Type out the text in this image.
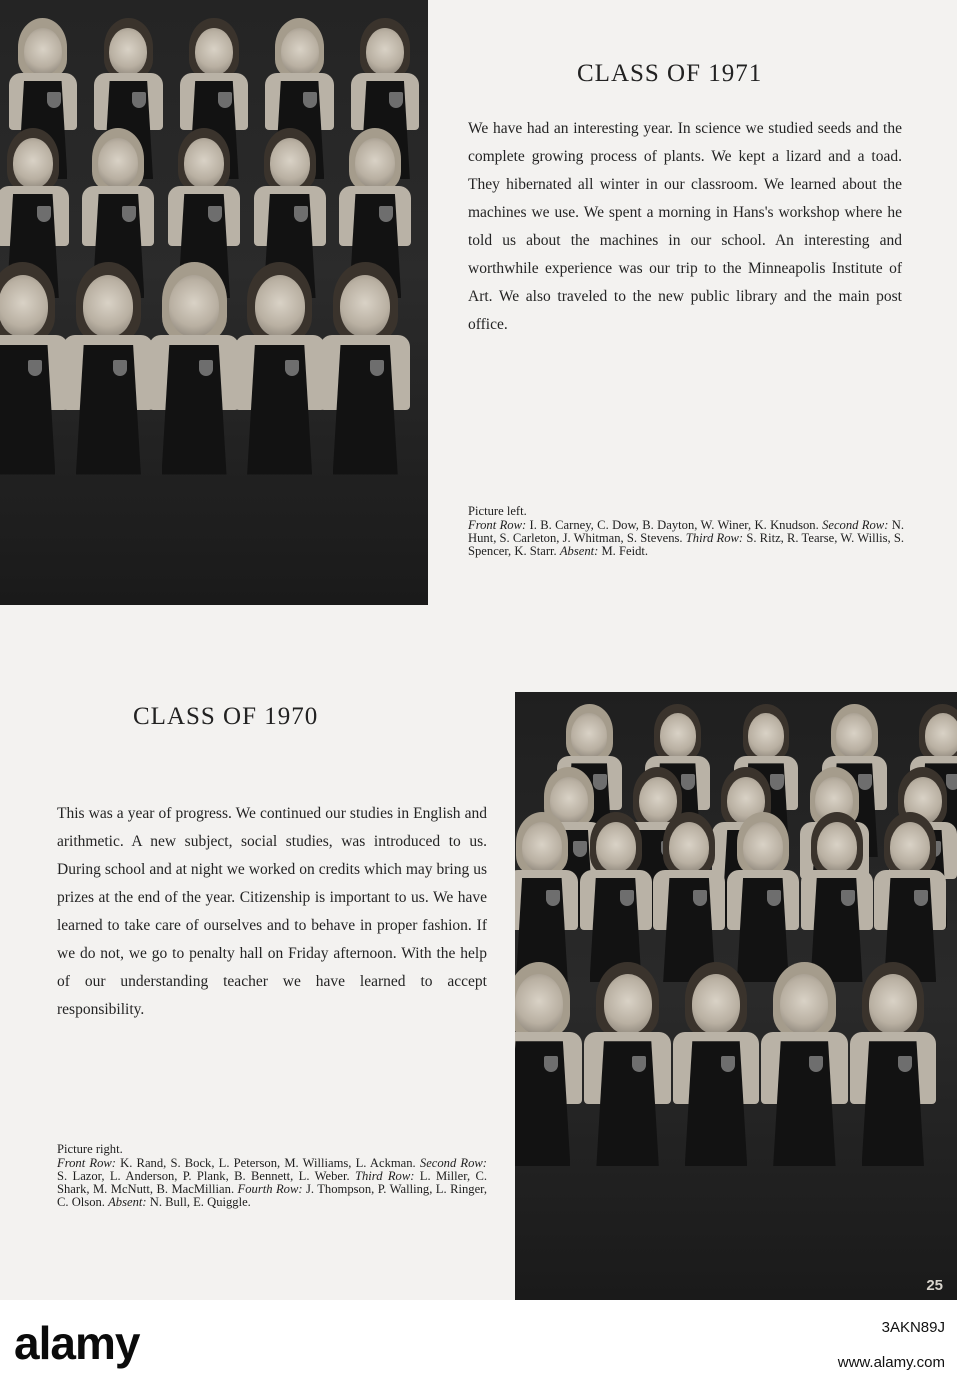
CLASS OF 1971

We have had an interesting year. In science we studied seeds and the complete growing process of plants. We kept a lizard and a toad. They hibernated all winter in our classroom. We learned about the machines we use. We spent a morning in Hans's workshop where he told us about the machines in our school. An interesting and worthwhile experience was our trip to the Minneapolis Institute of Art. We also traveled to the new public library and the main post office.

Picture left.
Front Row: I. B. Carney, C. Dow, B. Dayton, W. Winer, K. Knudson. Second Row: N. Hunt, S. Carleton, J. Whitman, S. Stevens. Third Row: S. Ritz, R. Tearse, W. Willis, S. Spencer, K. Starr. Absent: M. Feidt.
CLASS OF 1970

This was a year of progress. We continued our studies in English and arithmetic. A new subject, social studies, was introduced to us. During school and at night we worked on credits which may bring us prizes at the end of the year. Citizenship is important to us. We have learned to take care of ourselves and to behave in proper fashion. If we do not, we go to penalty hall on Friday afternoon. With the help of our understanding teacher we have learned to accept responsibility.

Picture right.
Front Row: K. Rand, S. Bock, L. Peterson, M. Williams, L. Ackman. Second Row: S. Lazor, L. Anderson, P. Plank, B. Bennett, L. Weber. Third Row: L. Miller, C. Shark, M. McNutt, B. MacMillian. Fourth Row: J. Thompson, P. Walling, L. Ringer, C. Olson. Absent: N. Bull, E. Quiggle.
25
alamy	3AKN89J
www.alamy.com
